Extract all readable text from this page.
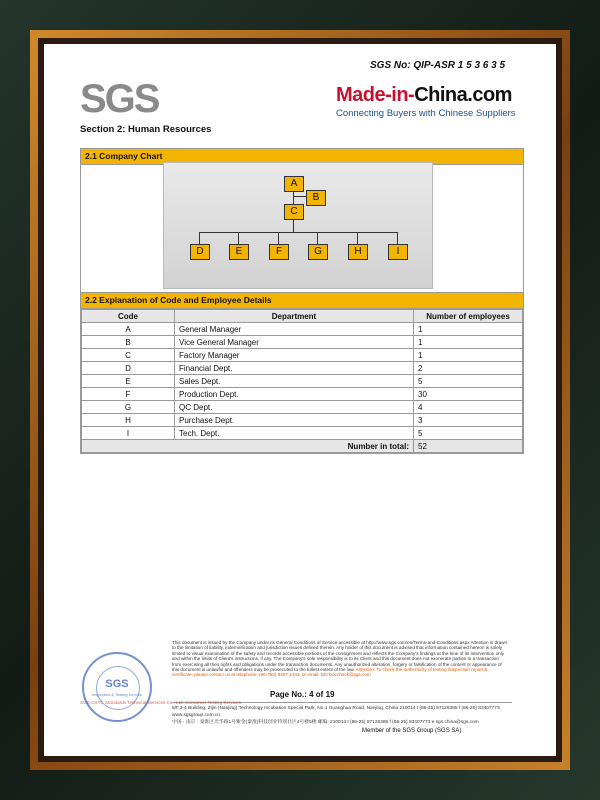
SGS No: QIP-ASR 1 5 3 6 3 5
SGS	Made-in-China.com
Connecting Buyers with Chinese Suppliers
Section 2: Human Resources
2.1 Company Chart
A
B
C
D	E	F	G	H	I
2.2 Explanation of Code and Employee Details
Code	Department	Number of employees
A	General Manager	1
B	Vice General Manager	1
C	Factory Manager	1
D	Financial Dept.	2
E	Sales Dept.	5
F	Production Dept.	30
G	QC Dept.	4
H	Purchase Dept.	3
I	Tech. Dept.	5
Number in total:		52
SGS
Inspection & Testing Service
This document is issued by the Company under its General Conditions of Service accessible at http://www.sgs.com/en/Terms-and-Conditions.aspx Attention is drawn to the limitation of liability, indemnification and jurisdiction issues defined therein. Any holder of this document is advised that information contained hereon is solely limited to visual examination of the safety and records accessible portions of the consignment and reflects the Company's findings at the time of its intervention only and within the limits of Client's instructions, if any. The Company's sole responsibility is to its Client and this document does not exonerate parties to a transaction from exercising all their rights and obligations under the transaction documents. Any unauthorized alteration, forgery or falsification of the content or appearance of this document is unlawful and offenders may be prosecuted to the fullest extent of the law. Attention: To check the authenticity of testing /inspection report & certificate, please contact us at telephone: (86-755) 8307 1443, or email: CN.Doccheck@sgs.com
Page No.: 4 of 19
5/F,3-4 Building, Zijin (Nanjing) Technology Incubation Special Park, No.1 Guanghua Road, Nanjing, China 210014 t (86-25) 87126385 f (86-25) 83407773 www.sgsgroup.com.cn
中国 · 南京 · 秦淮区光华路1号紫金(秦淮)科技创业特别社区4号楼5楼 邮编: 210014 t (86-25) 87126385 f (86-25) 83407773 e sgs.china@sgs.com
SGS-CSTC Standards Technical Services Co., Ltd. Consumer Testing Services
Member of the SGS Group (SGS SA)
